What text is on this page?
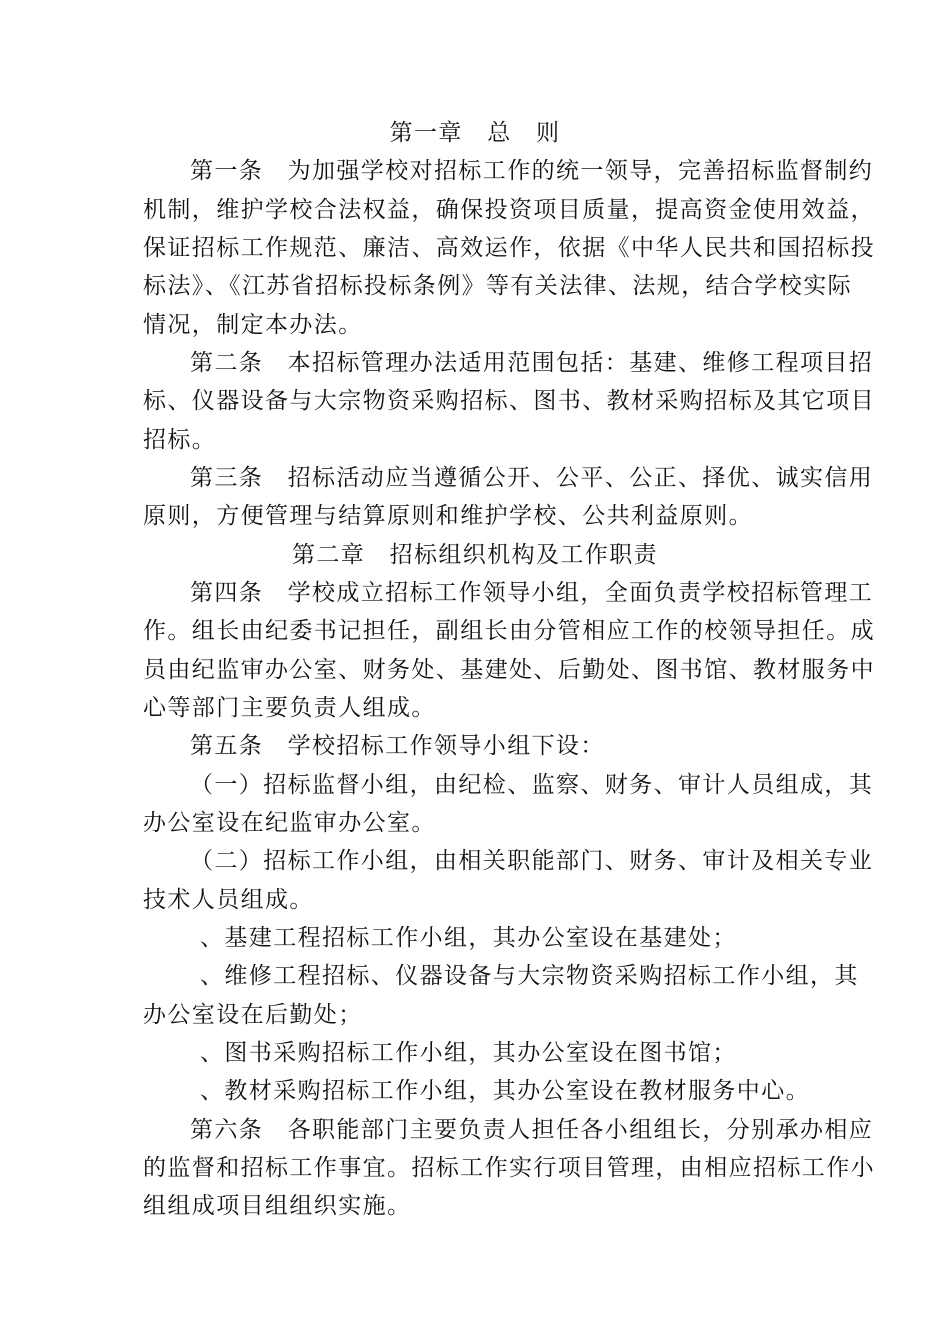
第一章　总　则
第一条　为加强学校对招标工作的统一领导，完善招标监督制约
机制，维护学校合法权益，确保投资项目质量，提高资金使用效益，
保证招标工作规范、廉洁、高效运作，依据《中华人民共和国招标投
标法》、《江苏省招标投标条例》等有关法律、法规，结合学校实际
情况，制定本办法。
第二条　本招标管理办法适用范围包括：基建、维修工程项目招
标、仪器设备与大宗物资采购招标、图书、教材采购招标及其它项目
招标。
第三条　招标活动应当遵循公开、公平、公正、择优、诚实信用
原则，方便管理与结算原则和维护学校、公共利益原则。
第二章　招标组织机构及工作职责
第四条　学校成立招标工作领导小组，全面负责学校招标管理工
作。组长由纪委书记担任，副组长由分管相应工作的校领导担任。成
员由纪监审办公室、财务处、基建处、后勤处、图书馆、教材服务中
心等部门主要负责人组成。
第五条　学校招标工作领导小组下设：
（一）招标监督小组，由纪检、监察、财务、审计人员组成，其
办公室设在纪监审办公室。
（二）招标工作小组，由相关职能部门、财务、审计及相关专业
技术人员组成。
、基建工程招标工作小组，其办公室设在基建处；
、维修工程招标、仪器设备与大宗物资采购招标工作小组，其
办公室设在后勤处；
、图书采购招标工作小组，其办公室设在图书馆；
、教材采购招标工作小组，其办公室设在教材服务中心。
第六条　各职能部门主要负责人担任各小组组长，分别承办相应
的监督和招标工作事宜。招标工作实行项目管理，由相应招标工作小
组组成项目组组织实施。
